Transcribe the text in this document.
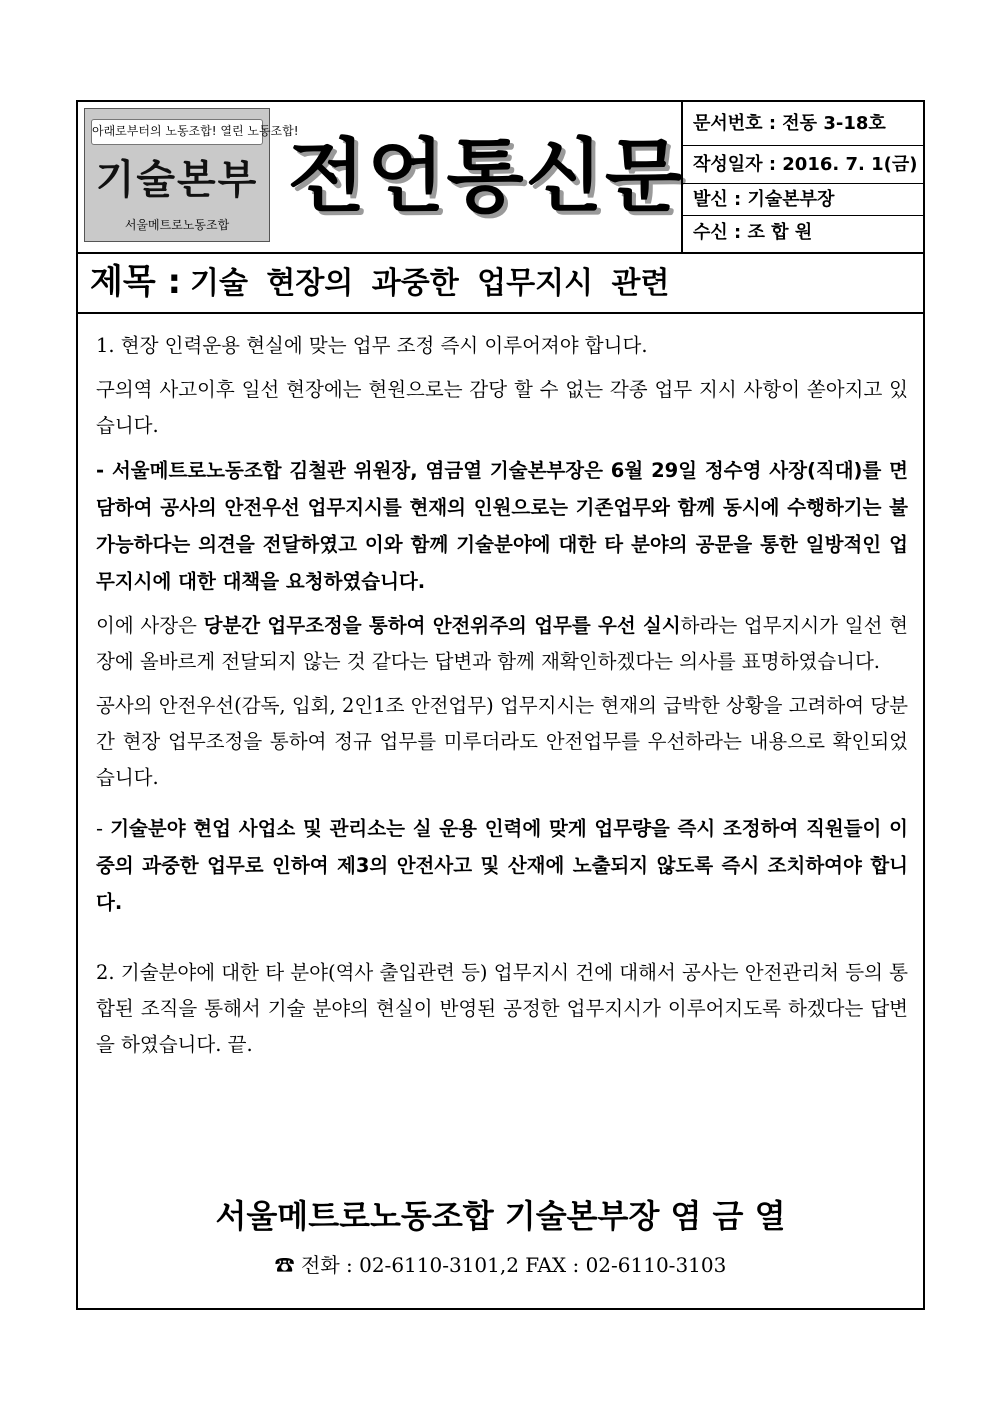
아래로부터의 노동조합! 열린 노동조합!
기술본부
서울메트로노동조합
전언통신문
문서번호 : 전동 3-18호
작성일자 : 2016. 7. 1(금)
발신 : 기술본부장
수신 : 조 합 원
제목 : 기술 현장의 과중한 업무지시 관련

1. 현장 인력운용 현실에 맞는 업무 조정 즉시 이루어져야 합니다.

구의역 사고이후 일선 현장에는 현원으로는 감당 할 수 없는 각종 업무 지시 사항이 쏟아지고 있습니다.

- 서울메트로노동조합 김철관 위원장, 염금열 기술본부장은 6월 29일 정수영 사장(직대)를 면담하여 공사의 안전우선 업무지시를 현재의 인원으로는 기존업무와 함께 동시에 수행하기는 불가능하다는 의견을 전달하였고 이와 함께 기술분야에 대한 타 분야의 공문을 통한 일방적인 업무지시에 대한 대책을 요청하였습니다.

이에 사장은 당분간 업무조정을 통하여 안전위주의 업무를 우선 실시하라는 업무지시가 일선 현장에 올바르게 전달되지 않는 것 같다는 답변과 함께 재확인하겠다는 의사를 표명하였습니다.

공사의 안전우선(감독, 입회, 2인1조 안전업무) 업무지시는 현재의 급박한 상황을 고려하여 당분간 현장 업무조정을 통하여 정규 업무를 미루더라도 안전업무를 우선하라는 내용으로 확인되었습니다.

- 기술분야 현업 사업소 및 관리소는 실 운용 인력에 맞게 업무량을 즉시 조정하여 직원들이 이중의 과중한 업무로 인하여 제3의 안전사고 및 산재에 노출되지 않도록 즉시 조치하여야 합니다.

2. 기술분야에 대한 타 분야(역사 출입관련 등) 업무지시 건에 대해서 공사는 안전관리처 등의 통합된 조직을 통해서 기술 분야의 현실이 반영된 공정한 업무지시가 이루어지도록 하겠다는 답변을 하였습니다. 끝.

서울메트로노동조합 기술본부장 염 금 열
☎ 전화 : 02-6110-3101,2 FAX : 02-6110-3103
